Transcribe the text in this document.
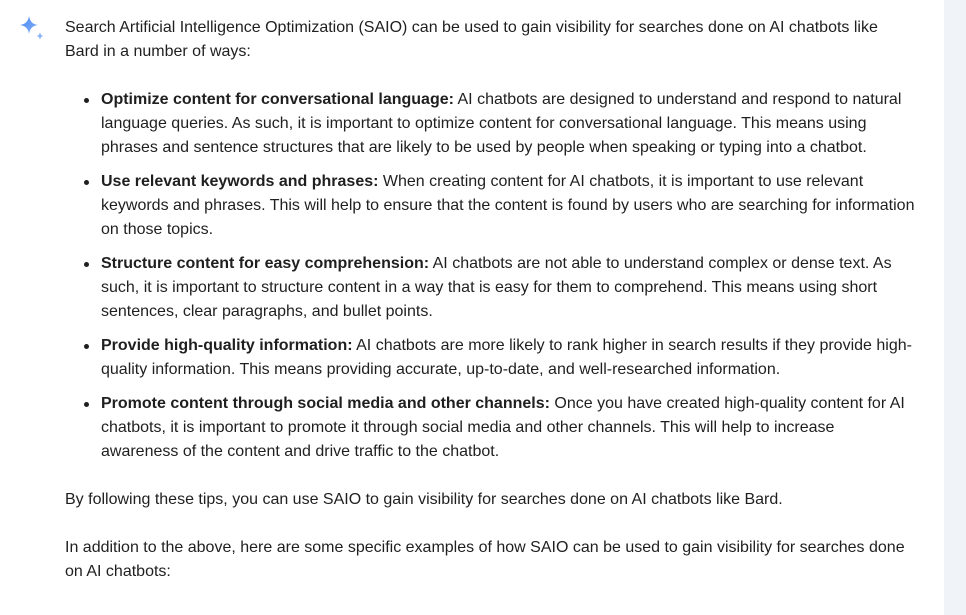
Search Artificial Intelligence Optimization (SAIO) can be used to gain visibility for searches done on AI chatbots like Bard in a number of ways:

Optimize content for conversational language: AI chatbots are designed to understand and respond to natural language queries. As such, it is important to optimize content for conversational language. This means using phrases and sentence structures that are likely to be used by people when speaking or typing into a chatbot.
Use relevant keywords and phrases: When creating content for AI chatbots, it is important to use relevant keywords and phrases. This will help to ensure that the content is found by users who are searching for information on those topics.
Structure content for easy comprehension: AI chatbots are not able to understand complex or dense text. As such, it is important to structure content in a way that is easy for them to comprehend. This means using short sentences, clear paragraphs, and bullet points.
Provide high-quality information: AI chatbots are more likely to rank higher in search results if they provide high-quality information. This means providing accurate, up-to-date, and well-researched information.
Promote content through social media and other channels: Once you have created high-quality content for AI chatbots, it is important to promote it through social media and other channels. This will help to increase awareness of the content and drive traffic to the chatbot.

By following these tips, you can use SAIO to gain visibility for searches done on AI chatbots like Bard.

In addition to the above, here are some specific examples of how SAIO can be used to gain visibility for searches done on AI chatbots:
